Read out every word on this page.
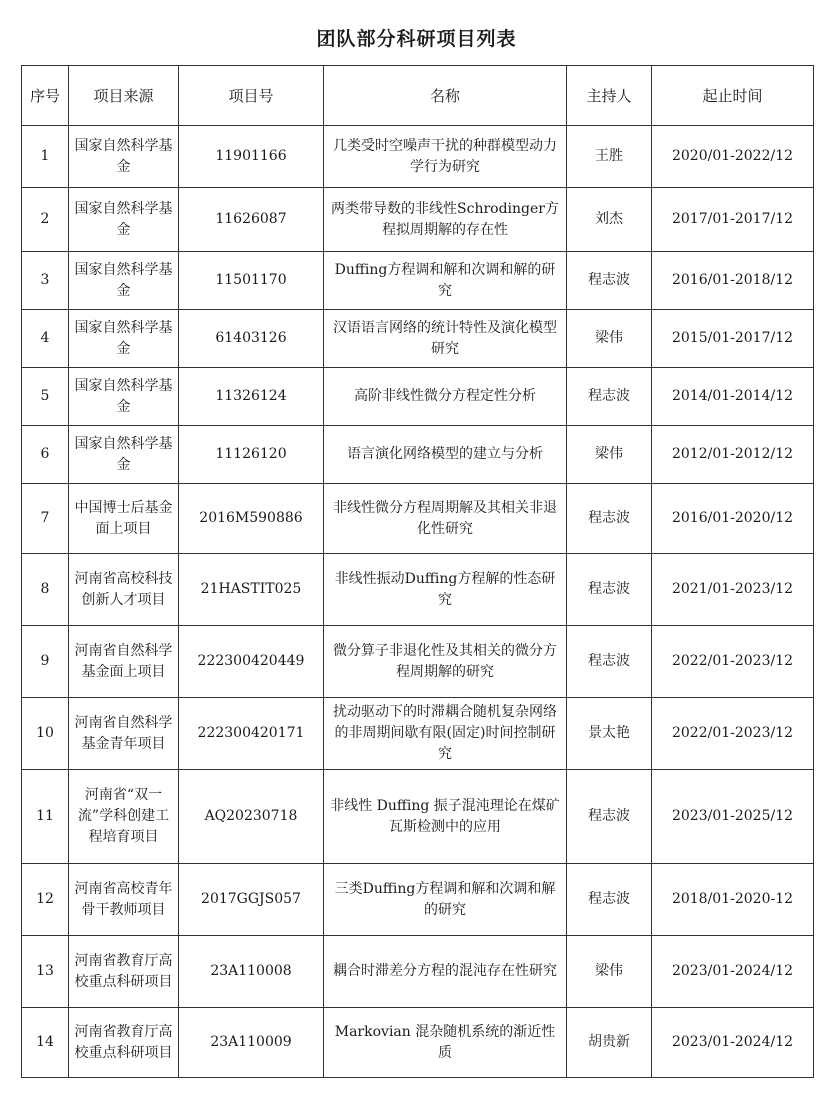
团队部分科研项目列表
序号	项目来源	项目号	名称	主持人	起止时间
1	国家自然科学基金	11901166	几类受时空噪声干扰的种群模型动力学行为研究	王胜	2020/01-2022/12
2	国家自然科学基金	11626087	两类带导数的非线性Schrodinger方程拟周期解的存在性	刘杰	2017/01-2017/12
3	国家自然科学基金	11501170	Duffing方程调和解和次调和解的研究	程志波	2016/01-2018/12
4	国家自然科学基金	61403126	汉语语言网络的统计特性及演化模型研究	梁伟	2015/01-2017/12
5	国家自然科学基金	11326124	高阶非线性微分方程定性分析	程志波	2014/01-2014/12
6	国家自然科学基金	11126120	语言演化网络模型的建立与分析	梁伟	2012/01-2012/12
7	中国博士后基金面上项目	2016M590886	非线性微分方程周期解及其相关非退化性研究	程志波	2016/01-2020/12
8	河南省高校科技创新人才项目	21HASTIT025	非线性振动Duffing方程解的性态研究	程志波	2021/01-2023/12
9	河南省自然科学基金面上项目	222300420449	微分算子非退化性及其相关的微分方程周期解的研究	程志波	2022/01-2023/12
10	河南省自然科学基金青年项目	222300420171	扰动驱动下的时滞耦合随机复杂网络的非周期间歇有限(固定)时间控制研究	景太艳	2022/01-2023/12
11	河南省“双一流”学科创建工程培育项目	AQ20230718	非线性 Duffing 振子混沌理论在煤矿瓦斯检测中的应用	程志波	2023/01-2025/12
12	河南省高校青年骨干教师项目	2017GGJS057	三类Duffing方程调和解和次调和解的研究	程志波	2018/01-2020-12
13	河南省教育厅高校重点科研项目	23A110008	耦合时滞差分方程的混沌存在性研究	梁伟	2023/01-2024/12
14	河南省教育厅高校重点科研项目	23A110009	Markovian 混杂随机系统的渐近性质	胡贵新	2023/01-2024/12
